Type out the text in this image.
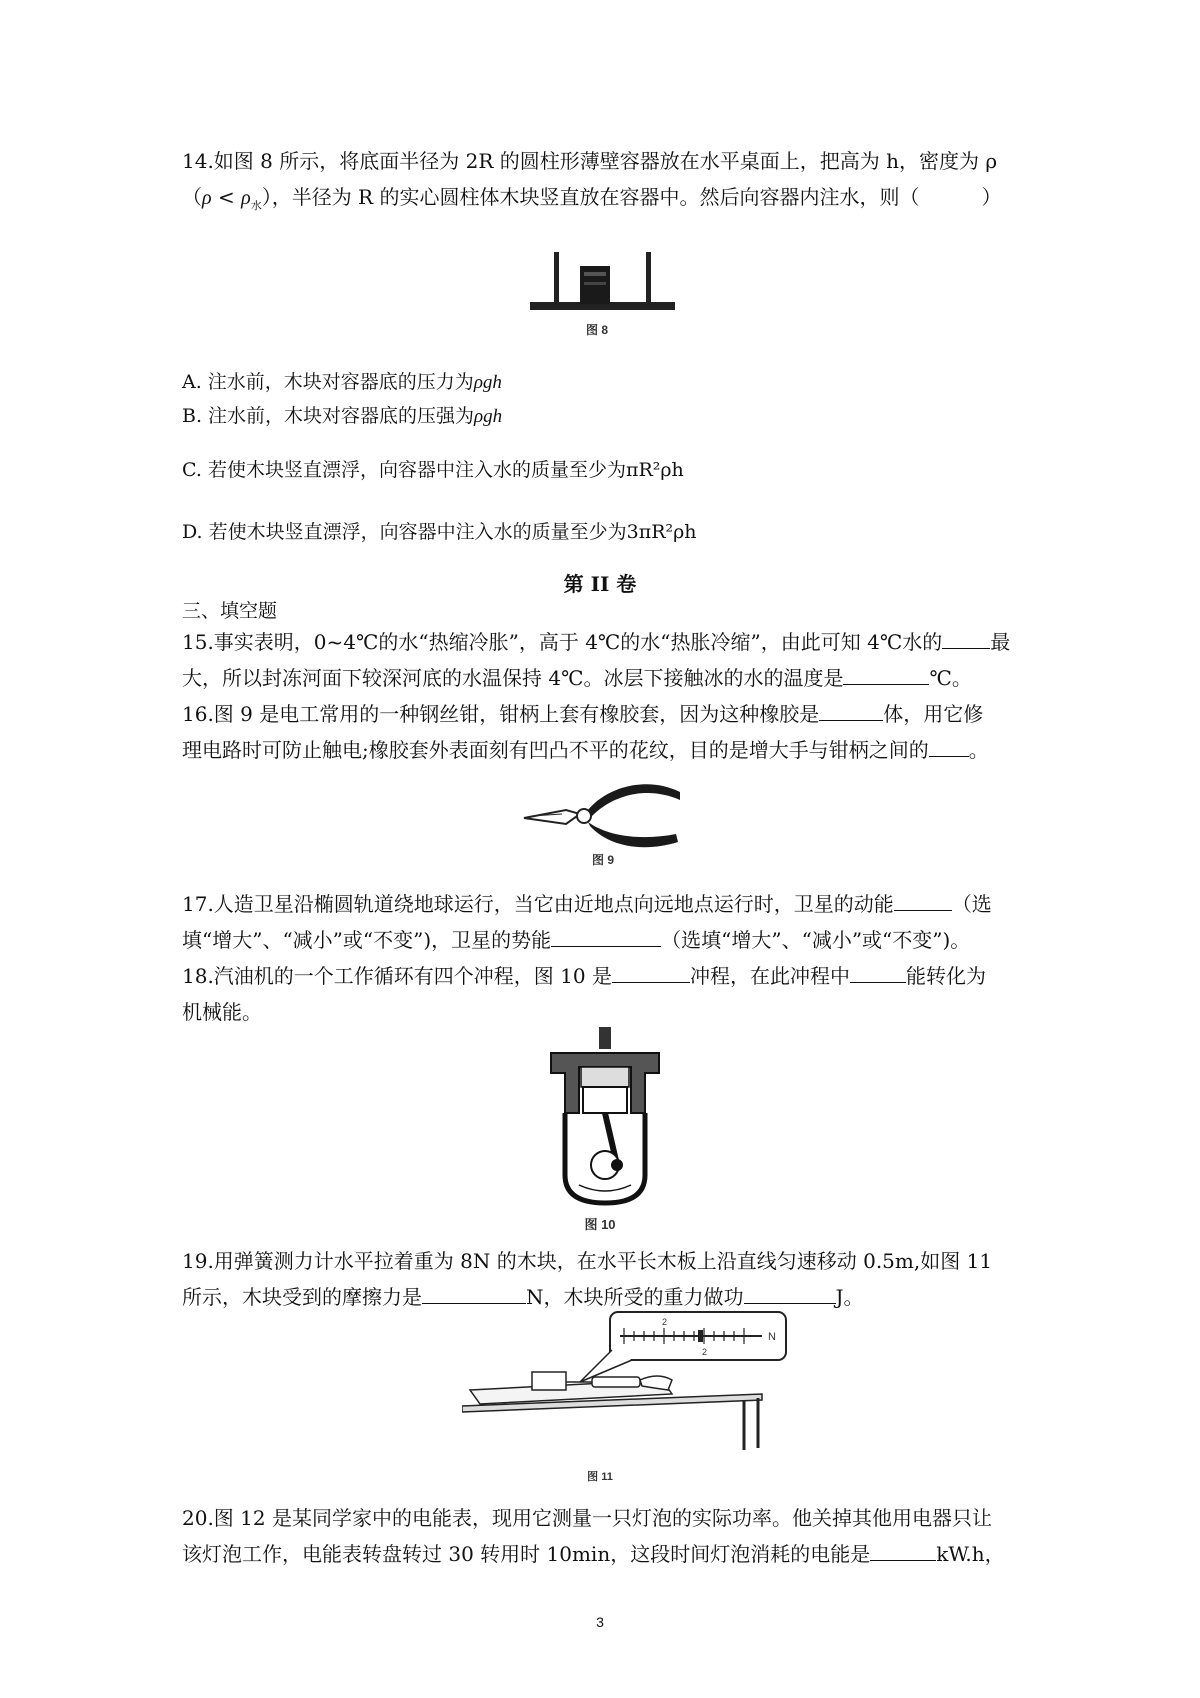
14.如图 8 所示，将底面半径为 2R 的圆柱形薄壁容器放在水平桌面上，把高为 h，密度为 ρ
$(\rho < \rho_水)$，半径为 R 的实心圆柱体木块竖直放在容器中。然后向容器内注水，则（	）
图 8
A. 注水前，木块对容器底的压力为ρgh
B. 注水前，木块对容器底的压强为ρgh
C. 若使木块竖直漂浮，向容器中注入水的质量至少为πR²ρh
D. 若使木块竖直漂浮，向容器中注入水的质量至少为3πR²ρh
第 II 卷
三、填空题
15.事实表明，0~4℃的水“热缩冷胀”，高于 4℃的水“热胀冷缩”，由此可知 4℃水的 最
大，所以封冻河面下较深河底的水温保持 4℃。冰层下接触冰的水的温度是	℃。
16.图 9 是电工常用的一种钢丝钳，钳柄上套有橡胶套，因为这种橡胶是	体，用它修
理电路时可防止触电;橡胶套外表面刻有凹凸不平的花纹，目的是增大手与钳柄之间的 。
图 9
17.人造卫星沿椭圆轨道绕地球运行，当它由近地点向远地点运行时，卫星的动能	（选
填“增大”、“减小”或“不变”)，卫星的势能	（选填“增大”、“减小”或“不变”)。
18.汽油机的一个工作循环有四个冲程，图 10 是	冲程，在此冲程中	能转化为
机械能。
图 10
19.用弹簧测力计水平拉着重为 8N 的木块，在水平长木板上沿直线匀速移动 0.5m,如图 11
所示，木块受到的摩擦力是	N，木块所受的重力做功	J。
2
2
N
图 11
20.图 12 是某同学家中的电能表，现用它测量一只灯泡的实际功率。他关掉其他用电器只让
该灯泡工作，电能表转盘转过 30 转用时 10min，这段时间灯泡消耗的电能是	kW.h，
3
